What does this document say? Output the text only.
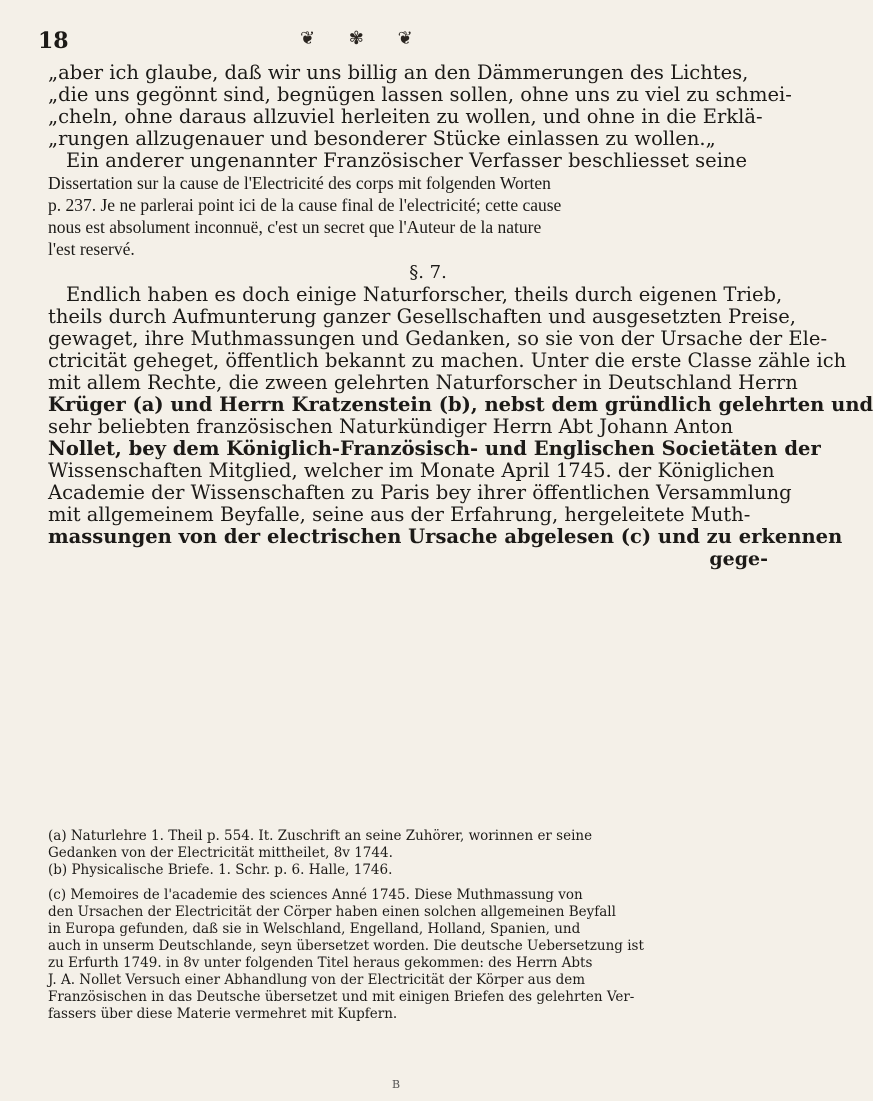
18	❦ ✾ ❦
„aber ich glaube, daß wir uns billig an den Dämmerungen des Lichtes,
„die uns gegönnt sind, begnügen lassen sollen, ohne uns zu viel zu schmei-
„cheln, ohne daraus allzuviel herleiten zu wollen, und ohne in die Erklä-
„rungen allzugenauer und besonderer Stücke einlassen zu wollen.„
Ein anderer ungenannter Französischer Verfasser beschliesset seine
Dissertation sur la cause de l'Electricité des corps mit folgenden Worten
p. 237. Je ne parlerai point ici de la cause final de l'electricité; cette cause
nous est absolument inconnuë, c'est un secret que l'Auteur de la nature
l'est reservé.
§. 7.
Endlich haben es doch einige Naturforscher, theils durch eigenen Trieb,
theils durch Aufmunterung ganzer Gesellschaften und ausgesetzten Preise,
gewaget, ihre Muthmassungen und Gedanken, so sie von der Ursache der Ele-
ctricität geheget, öffentlich bekannt zu machen. Unter die erste Classe zähle ich
mit allem Rechte, die zween gelehrten Naturforscher in Deutschland Herrn
Krüger (a) und Herrn Kratzenstein (b), nebst dem gründlich gelehrten und
sehr beliebten französischen Naturkündiger Herrn Abt Johann Anton
Nollet, bey dem Königlich-Französisch- und Englischen Societäten der
Wissenschaften Mitglied, welcher im Monate April 1745. der Königlichen
Academie der Wissenschaften zu Paris bey ihrer öffentlichen Versammlung
mit allgemeinem Beyfalle, seine aus der Erfahrung, hergeleitete Muth-
massungen von der electrischen Ursache abgelesen (c) und zu erkennen
gege-
(a) Naturlehre 1. Theil p. 554. It. Zuschrift an seine Zuhörer, worinnen er seine
Gedanken von der Electricität mittheilet, 8v 1744.
(b) Physicalische Briefe. 1. Schr. p. 6. Halle, 1746.
(c) Memoires de l'academie des sciences Anné 1745. Diese Muthmassung von
den Ursachen der Electricität der Cörper haben einen solchen allgemeinen Beyfall
in Europa gefunden, daß sie in Welschland, Engelland, Holland, Spanien, und
auch in unserm Deutschlande, seyn übersetzet worden. Die deutsche Uebersetzung ist
zu Erfurth 1749. in 8v unter folgenden Titel heraus gekommen: des Herrn Abts
J. A. Nollet Versuch einer Abhandlung von der Electricität der Körper aus dem
Französischen in das Deutsche übersetzet und mit einigen Briefen des gelehrten Ver-
fassers über diese Materie vermehret mit Kupfern.
B
